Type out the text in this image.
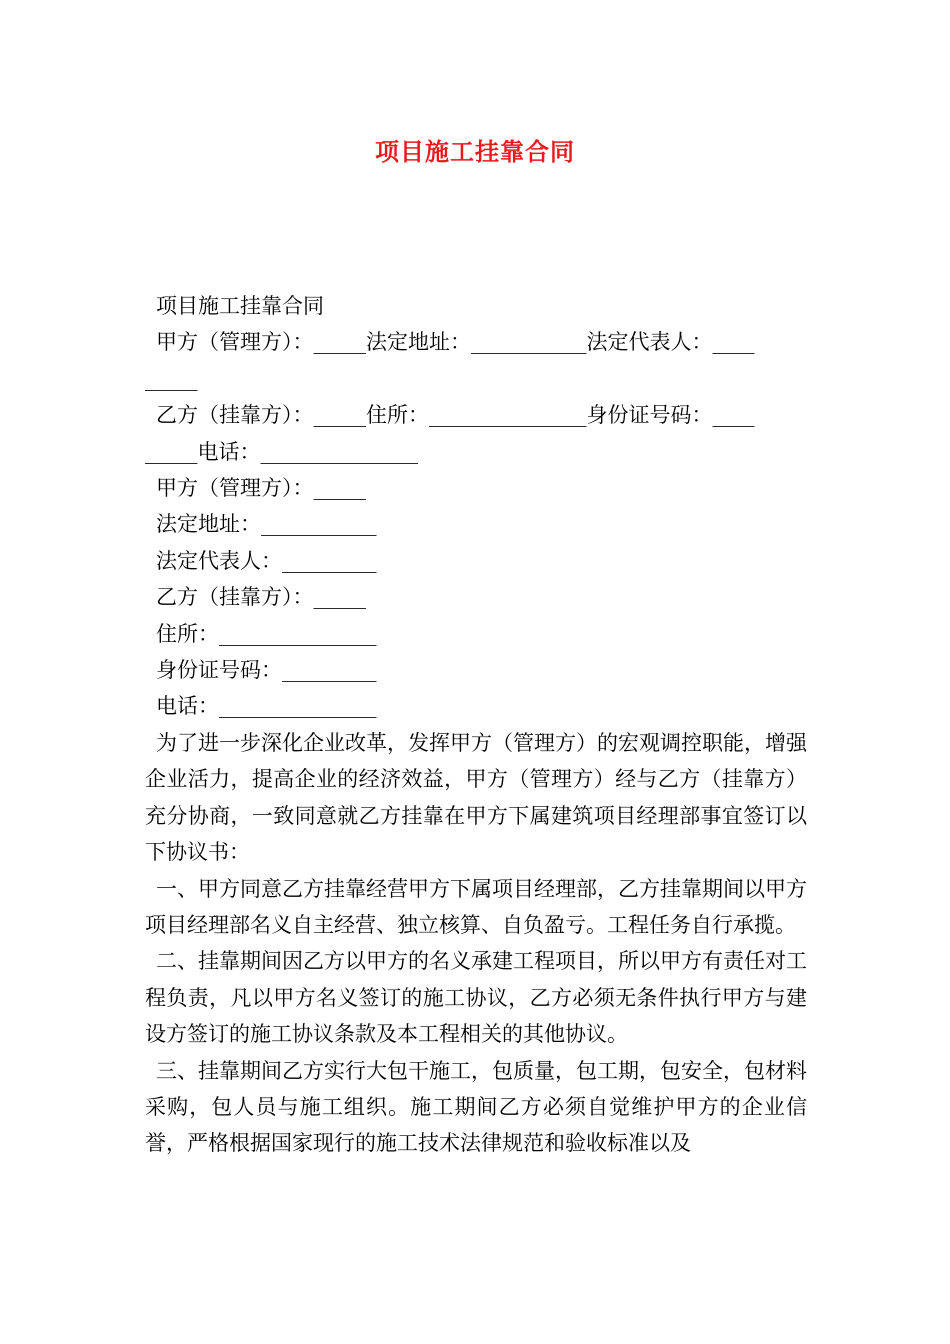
项目施工挂靠合同
项目施工挂靠合同
甲方（管理方）：_____法定地址：___________法定代表人：____
_____
乙方（挂靠方）：_____住所：_______________身份证号码：____
_____电话：_______________
甲方（管理方）：_____
法定地址：___________
法定代表人：_________
乙方（挂靠方）：_____
住所：_______________
身份证号码：_________
电话：_______________
为了进一步深化企业改革，发挥甲方（管理方）的宏观调控职能，增强企业活力，提高企业的经济效益，甲方（管理方）经与乙方（挂靠方）充分协商，一致同意就乙方挂靠在甲方下属建筑项目经理部事宜签订以下协议书：
一、甲方同意乙方挂靠经营甲方下属项目经理部，乙方挂靠期间以甲方项目经理部名义自主经营、独立核算、自负盈亏。工程任务自行承揽。
二、挂靠期间因乙方以甲方的名义承建工程项目，所以甲方有责任对工程负责，凡以甲方名义签订的施工协议，乙方必须无条件执行甲方与建设方签订的施工协议条款及本工程相关的其他协议。
三、挂靠期间乙方实行大包干施工，包质量，包工期，包安全，包材料采购，包人员与施工组织。施工期间乙方必须自觉维护甲方的企业信誉，严格根据国家现行的施工技术法律规范和验收标准以及
